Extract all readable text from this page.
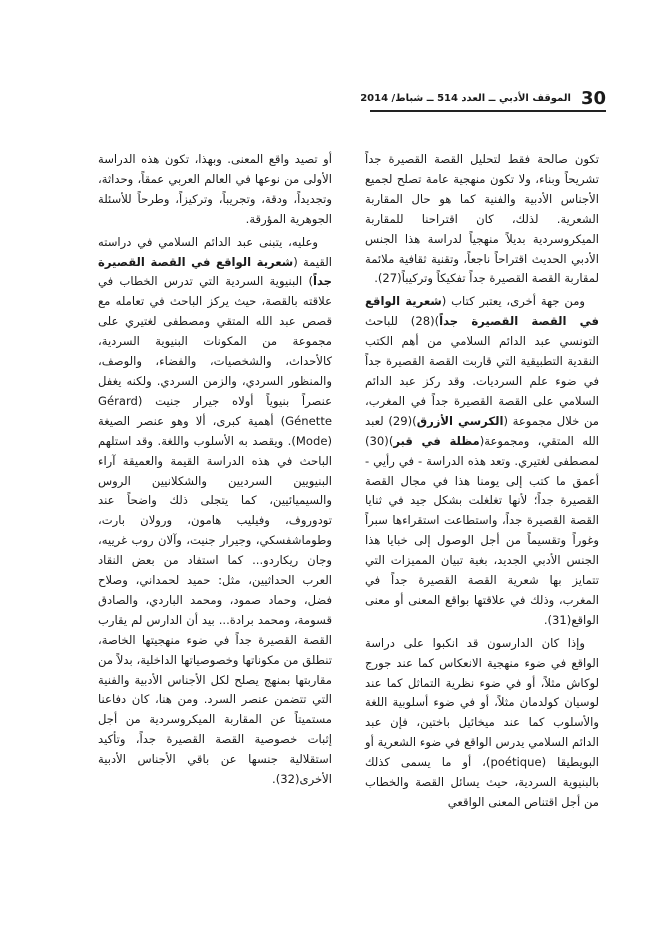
30
الموقف الأدبي ــ العدد 514 ــ شباط/ 2014

تكون صالحة فقط لتحليل القصة القصيرة جداً تشريحاً وبناء، ولا تكون منهجية عامة تصلح لجميع الأجناس الأدبية والفنية كما هو حال المقاربة الشعرية. لذلك، كان اقتراحنا للمقاربة الميكروسردية بديلاً منهجياً لدراسة هذا الجنس الأدبي الحديث اقتراحاً ناجعاً، وتقنية ثقافية ملائمة لمقاربة القصة القصيرة جداً تفكيكاً وتركيباً(27).

ومن جهة أخرى، يعتبر كتاب (شعرية الواقع في القصة القصيرة جداً)(28) للباحث التونسي عبد الدائم السلامي من أهم الكتب النقدية التطبيقية التي قاربت القصة القصيرة جداً في ضوء علم السرديات. وقد ركز عبد الدائم السلامي على القصة القصيرة جداً في المغرب، من خلال مجموعة (الكرسي الأزرق)(29) لعبد الله المتقي، ومجموعة(مظلة في قبر)(30) لمصطفى لغتيري. وتعد هذه الدراسة - في رأيي - أعمق ما كتب إلى يومنا هذا في مجال القصة القصيرة جداً؛ لأنها تغلغلت بشكل جيد في ثنايا القصة القصيرة جداً، واستطاعت استقراءها سبراً وغوراً وتقسيماً من أجل الوصول إلى خبايا هذا الجنس الأدبي الجديد، بغية تبيان المميزات التي تتمايز بها شعرية القصة القصيرة جداً في المغرب، وذلك في علاقتها بواقع المعنى أو معنى الواقع(31).

وإذا كان الدارسون قد انكبوا على دراسة الواقع في ضوء منهجية الانعكاس كما عند جورج لوكاش مثلاً، أو في ضوء نظرية التماثل كما عند لوسيان كولدمان مثلاً، أو في ضوء أسلوبية اللغة والأسلوب كما عند ميخائيل باختين، فإن عبد الدائم السلامي يدرس الواقع في ضوء الشعرية أو البويطيقا (poétique)، أو ما يسمى كذلك بالبنيوية السردية، حيث يسائل القصة والخطاب من أجل اقتناص المعنى الواقعي

أو تصيد واقع المعنى. وبهذا، تكون هذه الدراسة الأولى من نوعها في العالم العربي عمقاً، وحداثة، وتجديداً، ودقة، وتجريباً، وتركيزاً، وطرحاً للأسئلة الجوهرية المؤرقة.

وعليه، يتبنى عبد الدائم السلامي في دراسته القيمة (شعرية الواقع في القصة القصيرة جداً) البنيوية السردية التي تدرس الخطاب في علاقته بالقصة، حيث يركز الباحث في تعامله مع قصص عبد الله المتقي ومصطفى لغتيري على مجموعة من المكونات البنيوية السردية، كالأحداث، والشخصيات، والفضاء، والوصف، والمنظور السردي، والزمن السردي. ولكنه يغفل عنصراً بنيوياً أولاه جيرار جنيت (Gérard Génette) أهمية كبرى، ألا وهو عنصر الصيغة (Mode). ويقصد به الأسلوب واللغة. وقد استلهم الباحث في هذه الدراسة القيمة والعميقة آراء البنيويين السرديين والشكلانيين الروس والسيميائيين، كما يتجلى ذلك واضحاً عند تودوروف، وفيليب هامون، ورولان بارت، وطوماشفسكي، وجيرار جنيت، وآلان روب غرييه، وجان ريكاردو... كما استفاد من بعض النقاد العرب الحداثيين، مثل: حميد لحمداني، وصلاح فضل، وحماد صمود، ومحمد الباردي، والصادق قسومة، ومحمد برادة... بيد أن الدارس لم يقارب القصة القصيرة جداً في ضوء منهجيتها الخاصة، تنطلق من مكوناتها وخصوصياتها الداخلية، بدلاً من مقاربتها بمنهج يصلح لكل الأجناس الأدبية والفنية التي تتضمن عنصر السرد. ومن هنا، كان دفاعنا مستميتاً عن المقاربة الميكروسردية من أجل إثبات خصوصية القصة القصيرة جداً، وتأكيد استقلالية جنسها عن باقي الأجناس الأدبية الأخرى(32).
